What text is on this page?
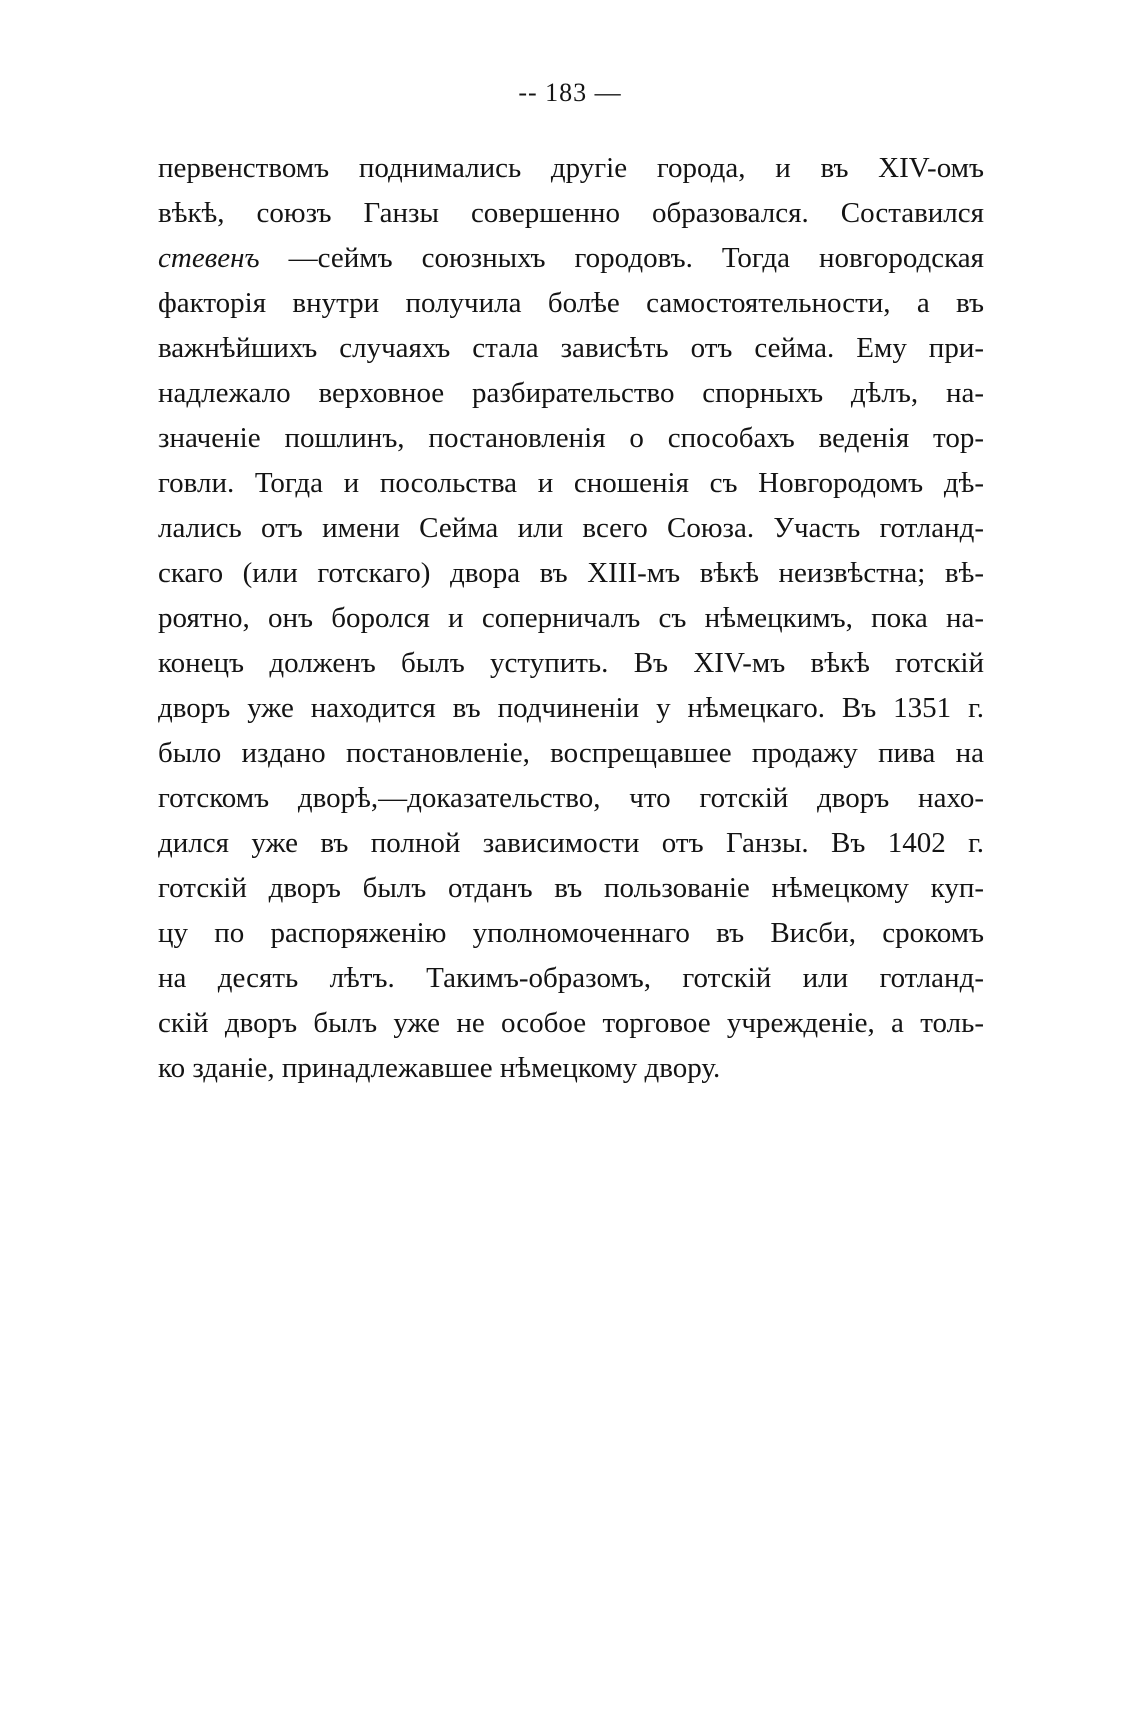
-- 183 —
первенствомъ поднимались другіе города, и въ XIV-омъ
вѣкѣ, союзъ Ганзы совершенно образовался. Составился
стевенъ —сеймъ союзныхъ городовъ. Тогда новгородская
факторія внутри получила болѣе самостоятельности, а въ
важнѣйшихъ случаяхъ стала зависѣть отъ сейма. Ему при-
надлежало верховное разбирательство спорныхъ дѣлъ, на-
значеніе пошлинъ, постановленія о способахъ веденія тор-
говли. Тогда и посольства и сношенія съ Новгородомъ дѣ-
лались отъ имени Сейма или всего Союза. Участь готланд-
скаго (или готскаго) двора въ XIII-мъ вѣкѣ неизвѣстна; вѣ-
роятно, онъ боролся и соперничалъ съ нѣмецкимъ, пока на-
конецъ долженъ былъ уступить. Въ XIV-мъ вѣкѣ готскій
дворъ уже находится въ подчиненіи у нѣмецкаго. Въ 1351 г.
было издано постановленіе, воспрещавшее продажу пива на
готскомъ дворѣ,—доказательство, что готскій дворъ нахо-
дился уже въ полной зависимости отъ Ганзы. Въ 1402 г.
готскій дворъ былъ отданъ въ пользованіе нѣмецкому куп-
цу по распоряженію уполномоченнаго въ Висби, срокомъ
на десять лѣтъ. Такимъ-образомъ, готскій или готланд-
скій дворъ былъ уже не особое торговое учрежденіе, а толь-
ко зданіе, принадлежавшее нѣмецкому двору.
